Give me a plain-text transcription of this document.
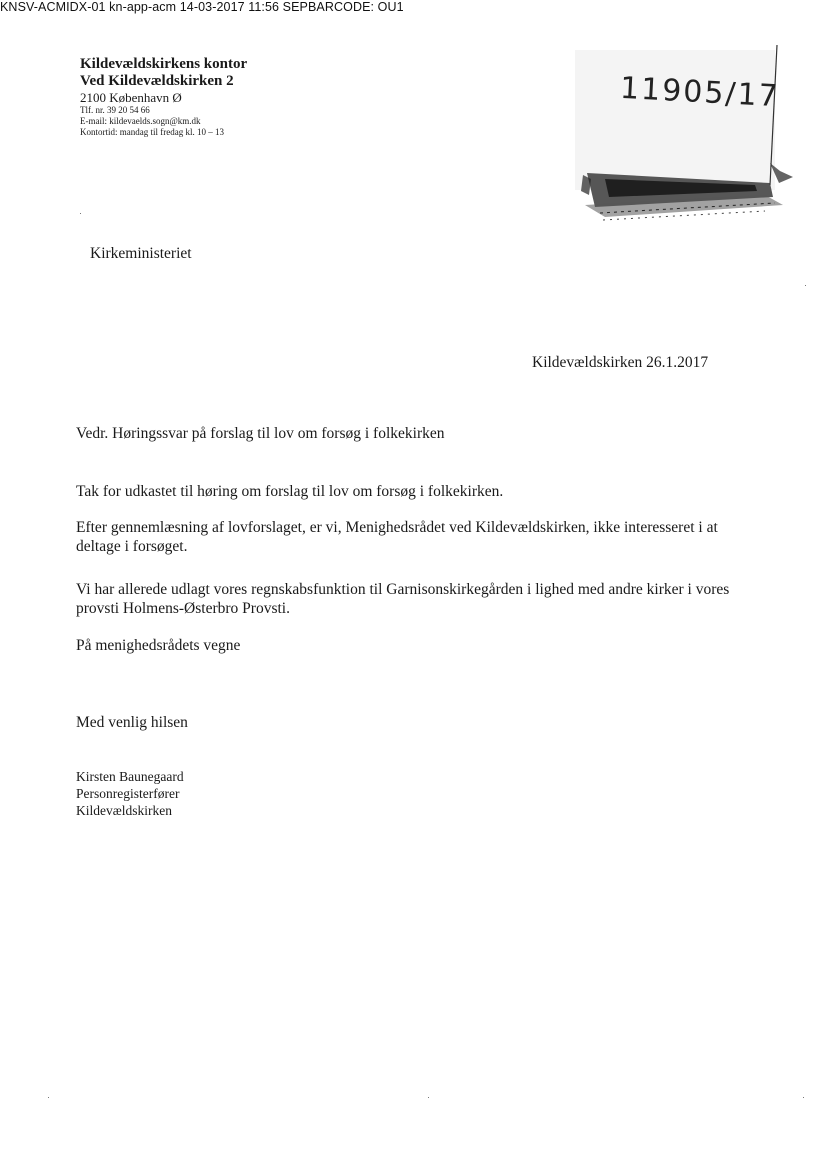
KNSV-ACMIDX-01 kn-app-acm 14-03-2017 11:56 SEPBARCODE: OU1
Kildevældskirkens kontor
Ved Kildevældskirken 2
2100 København Ø
Tlf. nr. 39 20 54 66
E-mail: kildevaelds.sogn@km.dk
Kontortid: mandag til fredag kl. 10 – 13
11905/17
Kirkeministeriet
Kildevældskirken 26.1.2017
Vedr. Høringssvar på forslag til lov om forsøg i folkekirken
Tak for udkastet til høring om forslag til lov om forsøg i folkekirken.
Efter gennemlæsning af lovforslaget, er vi, Menighedsrådet ved Kildevældskirken, ikke interesseret i at deltage i forsøget.
Vi har allerede udlagt vores regnskabsfunktion til Garnisonskirkegården i lighed med andre kirker i vores provsti Holmens-Østerbro Provsti.
På menighedsrådets vegne
Med venlig hilsen
Kirsten Baunegaard
Personregisterfører
Kildevældskirken
